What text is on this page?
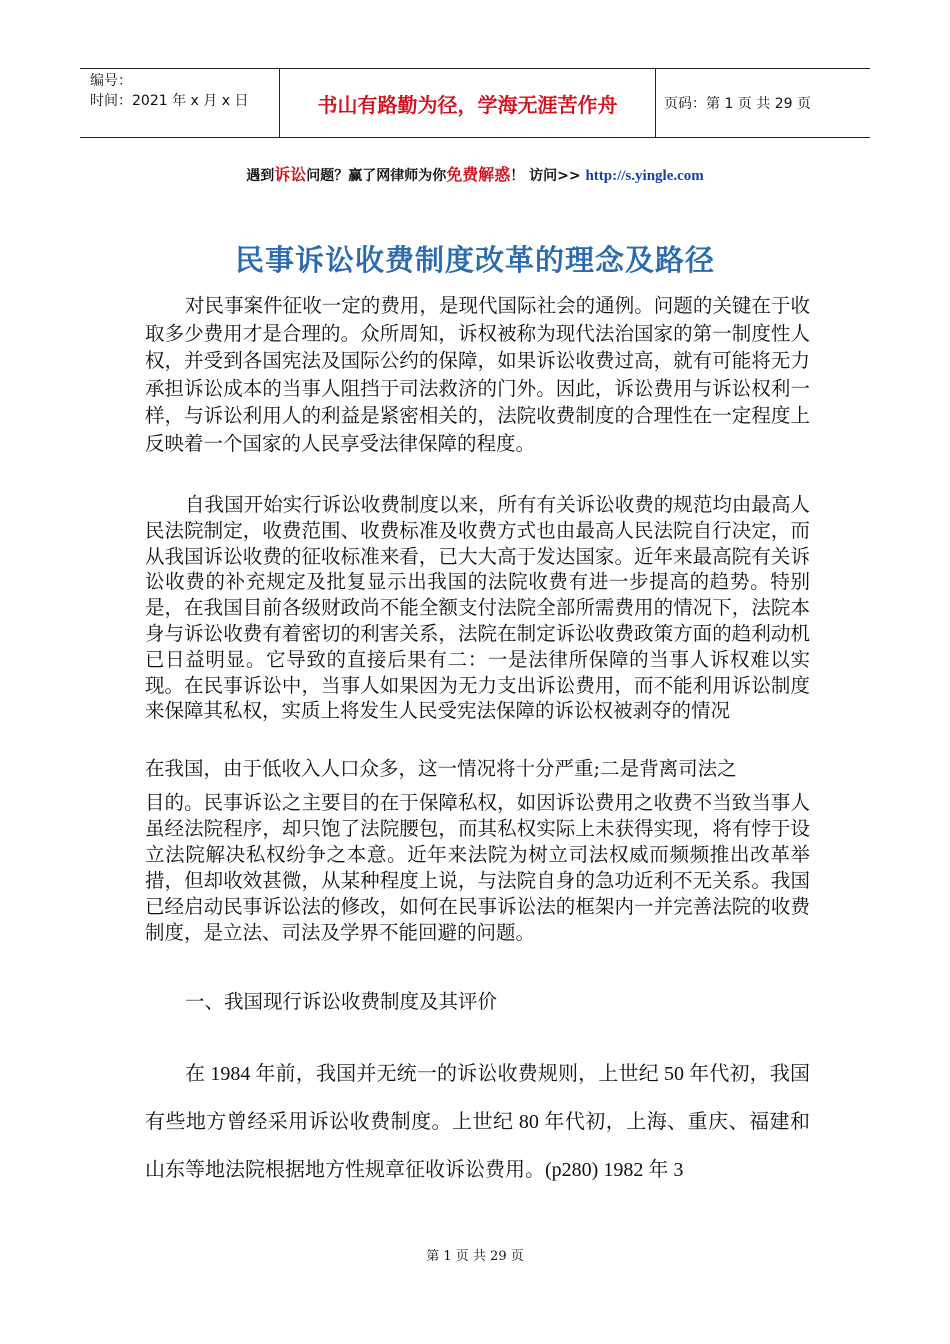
编号：
时间：2021 年 x 月 x 日	书山有路勤为径，学海无涯苦作舟	页码：第 1 页 共 29 页
遇到诉讼问题？赢了网律师为你免费解惑！ 访问>> http://s.yingle.com
民事诉讼收费制度改革的理念及路径
对民事案件征收一定的费用，是现代国际社会的通例。问题的关键在于收取多少费用才是合理的。众所周知，诉权被称为现代法治国家的第一制度性人权，并受到各国宪法及国际公约的保障，如果诉讼收费过高，就有可能将无力承担诉讼成本的当事人阻挡于司法救济的门外。因此，诉讼费用与诉讼权利一样，与诉讼利用人的利益是紧密相关的，法院收费制度的合理性在一定程度上反映着一个国家的人民享受法律保障的程度。
自我国开始实行诉讼收费制度以来，所有有关诉讼收费的规范均由最高人民法院制定，收费范围、收费标准及收费方式也由最高人民法院自行决定，而从我国诉讼收费的征收标准来看，已大大高于发达国家。近年来最高院有关诉讼收费的补充规定及批复显示出我国的法院收费有进一步提高的趋势。特别是，在我国目前各级财政尚不能全额支付法院全部所需费用的情况下，法院本身与诉讼收费有着密切的利害关系，法院在制定诉讼收费政策方面的趋利动机已日益明显。它导致的直接后果有二：一是法律所保障的当事人诉权难以实现。在民事诉讼中，当事人如果因为无力支出诉讼费用，而不能利用诉讼制度来保障其私权，实质上将发生人民受宪法保障的诉讼权被剥夺的情况
在我国，由于低收入人口众多，这一情况将十分严重;二是背离司法之
目的。民事诉讼之主要目的在于保障私权，如因诉讼费用之收费不当致当事人虽经法院程序，却只饱了法院腰包，而其私权实际上未获得实现，将有悖于设立法院解决私权纷争之本意。近年来法院为树立司法权威而频频推出改革举措，但却收效甚微，从某种程度上说，与法院自身的急功近利不无关系。我国已经启动民事诉讼法的修改，如何在民事诉讼法的框架内一并完善法院的收费制度，是立法、司法及学界不能回避的问题。
一、我国现行诉讼收费制度及其评价
在 1984 年前，我国并无统一的诉讼收费规则，上世纪 50 年代初，我国有些地方曾经采用诉讼收费制度。上世纪 80 年代初，上海、重庆、福建和山东等地法院根据地方性规章征收诉讼费用。(p280) 1982 年 3
第 1 页 共 29 页
